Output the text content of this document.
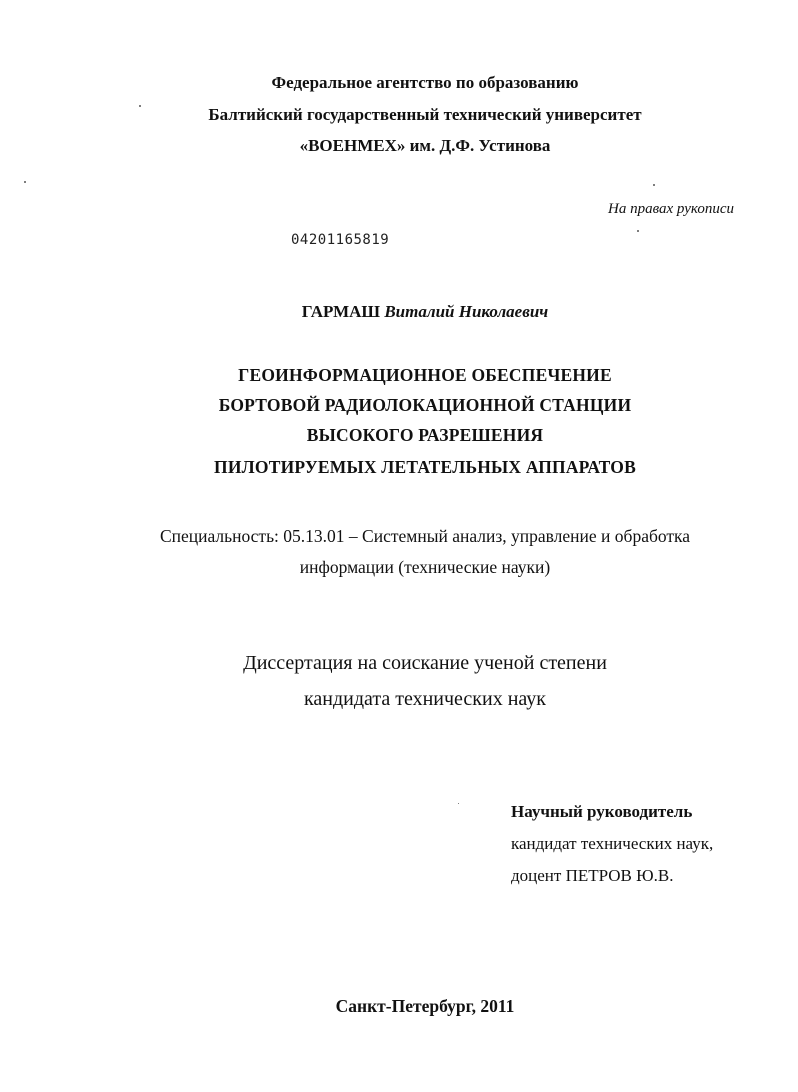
Федеральное агентство по образованию
Балтийский государственный технический университет
«ВОЕНМЕХ» им. Д.Ф. Устинова
На правах рукописи
04201165819
ГАРМАШ Виталий Николаевич
ГЕОИНФОРМАЦИОННОЕ ОБЕСПЕЧЕНИЕ
БОРТОВОЙ РАДИОЛОКАЦИОННОЙ СТАНЦИИ
ВЫСОКОГО РАЗРЕШЕНИЯ
ПИЛОТИРУЕМЫХ ЛЕТАТЕЛЬНЫХ АППАРАТОВ
Специальность: 05.13.01 – Системный анализ, управление и обработка
информации (технические науки)
Диссертация на соискание ученой степени
кандидата технических наук
Научный руководитель
кандидат технических наук,
доцент ПЕТРОВ Ю.В.
Санкт-Петербург, 2011
